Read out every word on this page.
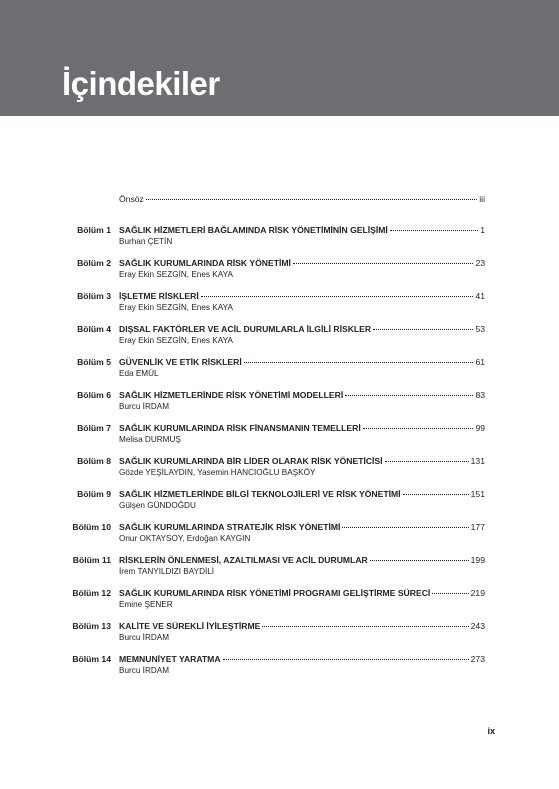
İçindekiler
Önsöz	iii
Bölüm 1 SAĞLIK HİZMETLERİ BAĞLAMINDA RİSK YÖNETİMİNİN GELİŞİMİ	1
Burhan ÇETİN
Bölüm 2 SAĞLIK KURUMLARINDA RİSK YÖNETİMİ	23
Eray Ekin SEZGİN, Enes KAYA
Bölüm 3 İŞLETME RİSKLERİ	41
Eray Ekin SEZGİN, Enes KAYA
Bölüm 4 DIŞSAL FAKTÖRLER VE ACİL DURUMLARLA İLGİLİ RİSKLER	53
Eray Ekin SEZGİN, Enes KAYA
Bölüm 5 GÜVENLİK VE ETİK RİSKLERİ	61
Eda EMÜL
Bölüm 6 SAĞLIK HİZMETLERİNDE RİSK YÖNETİMİ MODELLERİ	83
Burcu İRDAM
Bölüm 7 SAĞLIK KURUMLARINDA RİSK FİNANSMANIN TEMELLERİ	99
Melisa DURMUŞ
Bölüm 8 SAĞLIK KURUMLARINDA BİR LİDER OLARAK RİSK YÖNETİCİSİ	131
Gözde YEŞİLAYDIN, Yasemin HANCIOĞLU BAŞKÖY
Bölüm 9 SAĞLIK HİZMETLERİNDE BİLGİ TEKNOLOJİLERİ VE RİSK YÖNETİMİ	151
Gülşen GÜNDOĞDU
Bölüm 10 SAĞLIK KURUMLARINDA STRATEJİK RİSK YÖNETİMİ	177
Onur OKTAYSOY, Erdoğan KAYGIN
Bölüm 11 RİSKLERİN ÖNLENMESİ, AZALTILMASI VE ACİL DURUMLAR	199
İrem TANYILDIZI BAYDİLİ
Bölüm 12 SAĞLIK KURUMLARINDA RİSK YÖNETİMİ PROGRAMI GELİŞTİRME SÜRECİ	219
Emine ŞENER
Bölüm 13 KALİTE VE SÜREKLİ İYİLEŞTİRME	243
Burcu İRDAM
Bölüm 14 MEMNUNİYET YARATMA	273
Burcu İRDAM
ix
